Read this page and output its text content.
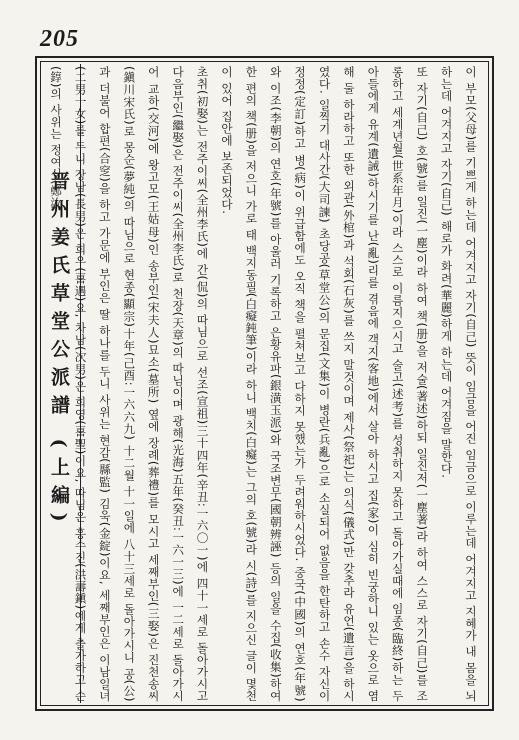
205
晋州姜氏草堂公派譜 (上編)	이 부모(父母)를 기쁘게 하는데 어겨지고 자기(自己) 뜻이 임금을 어진 임금으로 이루는데 어겨지고 지혜가 내 몸을 뇌하는데 어겨지고 자기(自己) 해로가 화려(華麗)하게 하는데 어겨짐을 말한다.

또 자기(自己) 호(號)를 일진(一塵)이라 하여 책(册)을 저술(著述)하되 일진저(一塵著)라 하여 스스로 자기(自己)를 조롱하고 세계년월(世系年月)이라 스스로 이름지으시고 술고(述考)를 성취하지 못하고 돌아가실때에 임종(臨終)하는 두 아들에게 유계(遺誡)하시기를 난(亂)리를 겪음에 객지(客地)에서 살아 하시고 집(家)이 심히 빈궁하니 있는 옷으로 염해 둘 하라하고 또한 외관(外棺)과 석회(石灰)를 쓰지 말것이며 제사(祭祀)는 의식(儀式)만 갖추라 유언(遺言)을 하시였다. 일찍기 대사간(大司諫) 초당공(草堂公)의 문집(文集)이 병란(兵亂)으로 소실되어 없음을 한탄하고 손수 자신이 정정(定訂)하고 병(病)이 위급함에도 오직 책을 펼쳐보고 다하지 못했는가 두려워하시었다. 중국(中國)의 연호(年號)와 이조(李朝)의 연호(年號)를 아울러 기록하고 은황유파(銀潢玉派)와 국조변무(國朝辨誣) 등의 일을 수집(收集)하여 한 편의 책(册)을 저으니 가로 태 백지동필(白癡鈍筆)이라 하니 백치(白癡)는 그의 호(號)라 시(詩)를 지으신 글이 몇천이 있어 집안에 보존되었다.

초취(初娶)는 전주이씨(全州李氏)에 간(侃)의 따님으로 선조(宣祖)三十四年(辛丑:一六〇一)에 四十一세로 돌아가시고 다음부인(繼娶)은 전주이씨(全州李氏)로 천장(天章)의 따님이며 광해(光海)五年(癸丑:一六一三)에 一二세로 돌아가시어 교하(交河)에 왕고모(王姑母)인 송부인(宋夫人)묘소(墓所) 옆에 장례(葬禮)를 모시고 세째부인(三娶)은 진천송씨(鎭川宋氏)로 몽순(夢純)의 따님으로 현종(顯宗)十年(己酉:一六六九) 十二월 十一일에 八十三세로 돌아가시니 공(公)과 더불어 합편(合窆)을 하고 가문에 부인은 딸 하나를 두니 사위는 현감(縣監) 김욱(金錠)이요, 세째부인은 이남일녀(二男一女)를 두니 장남(長男)은 희우(喜遇)요, 차남(次男)은 희영(喜聖)이요, 따님은 홍수진(洪壽鎭)에게 출가하고 순(錞)의 사위는 정여심(鄭汝
